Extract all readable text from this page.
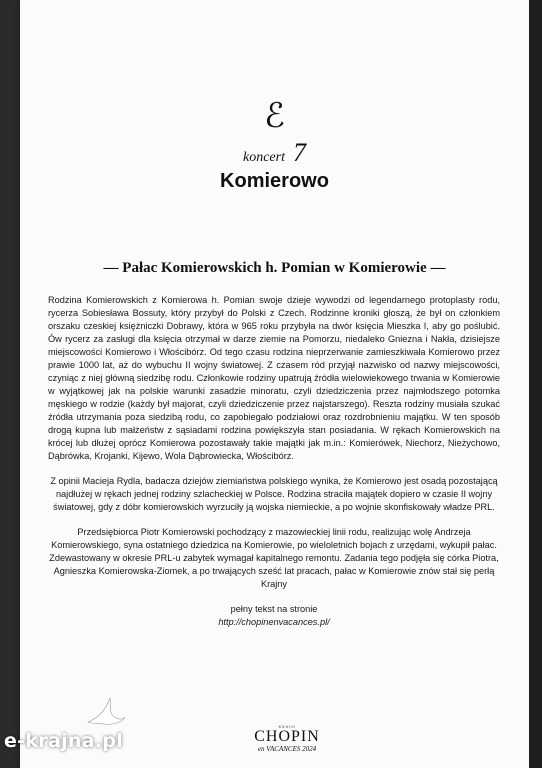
ℰ
koncert 7
Komierowo
— Pałac Komierowskich h. Pomian w Komierowie —

Rodzina Komierowskich z Komierowa h. Pomian swoje dzieje wywodzi od legendarnego protoplasty rodu, rycerza Sobiesława Bossuty, który przybył do Polski z Czech. Rodzinne kroniki głoszą, że był on członkiem orszaku czeskiej księżniczki Dobrawy, która w 965 roku przybyła na dwór księcia Mieszka I, aby go poślubić. Ów rycerz za zasługi dla księcia otrzymał w darze ziemie na Pomorzu, niedaleko Gniezna i Nakła, dzisiejsze miejscowości Komierowo i Włościbórz. Od tego czasu rodzina nieprzerwanie zamieszkiwała Komierowo przez prawie 1000 lat, aż do wybuchu II wojny światowej. Z czasem ród przyjął nazwisko od nazwy miejscowości, czyniąc z niej główną siedzibę rodu. Członkowie rodziny upatrują źródła wielowiekowego trwania w Komierowie w wyjątkowej jak na polskie warunki zasadzie minoratu, czyli dziedziczenia przez najmłodszego potomka męskiego w rodzie (każdy był majorat, czyli dziedziczenie przez najstarszego). Reszta rodziny musiała szukać źródła utrzymania poza siedzibą rodu, co zapobiegało podziałowi oraz rozdrobnieniu majątku. W ten sposób drogą kupna lub małżeństw z sąsiadami rodzina powiększyła stan posiadania. W rękach Komierowskich na krócej lub dłużej oprócz Komierowa pozostawały takie majątki jak m.in.: Komierówek, Niechorz, Nieżychowo, Dąbrówka, Krojanki, Kijewo, Wola Dąbrowiecka, Włościbórz.

Z opinii Macieja Rydla, badacza dziejów ziemiaństwa polskiego wynika, że Komierowo jest osadą pozostającą najdłużej w rękach jednej rodziny szlacheckiej w Polsce. Rodzina straciła majątek dopiero w czasie II wojny światowej, gdy z dóbr komierowskich wyrzuciły ją wojska niemieckie, a po wojnie skonfiskowały władze PRL.

Przedsiębiorca Piotr Komierowski pochodzący z mazowieckiej linii rodu, realizując wolę Andrzeja Komierowskiego, syna ostatniego dziedzica na Komierowie, po wieloletnich bojach z urzędami, wykupił pałac. Zdewastowany w okresie PRL-u zabytek wymagał kapitalnego remontu. Zadania tego podjęła się córka Piotra, Agnieszka Komierowska-Ziomek, a po trwających sześć lat pracach, pałac w Komierowie znów stał się perłą Krajny

pełny tekst na stronie
http://chopinenvacances.pl/
XXVIII
CHOPIN
en VACANCES 2024
e-krajna.pl
